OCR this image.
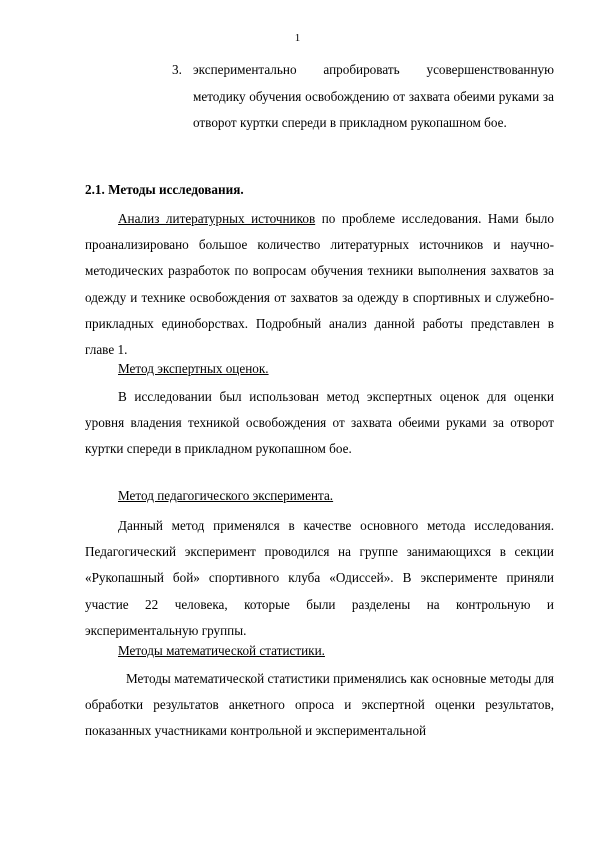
1
3. экспериментально апробировать усовершенствованную методику обучения освобождению от захвата обеими руками за отворот куртки спереди в прикладном рукопашном бое.
2.1. Методы исследования.
Анализ литературных источников по проблеме исследования. Нами было проанализировано большое количество литературных источников и научно-методических разработок по вопросам обучения техники выполнения захватов за одежду и технике освобождения от захватов за одежду в спортивных и служебно-прикладных единоборствах. Подробный анализ данной работы представлен в главе 1.
Метод экспертных оценок.
В исследовании был использован метод экспертных оценок для оценки уровня владения техникой освобождения от захвата обеими руками за отворот куртки спереди в прикладном рукопашном бое.
Метод педагогического эксперимента.
Данный метод применялся в качестве основного метода исследования. Педагогический эксперимент проводился на группе занимающихся в секции «Рукопашный бой» спортивного клуба «Одиссей». В эксперименте приняли участие 22 человека, которые были разделены на контрольную и экспериментальную группы.
Методы математической статистики.
Методы математической статистики применялись как основные методы для обработки результатов анкетного опроса и экспертной оценки результатов, показанных участниками контрольной и экспериментальной
